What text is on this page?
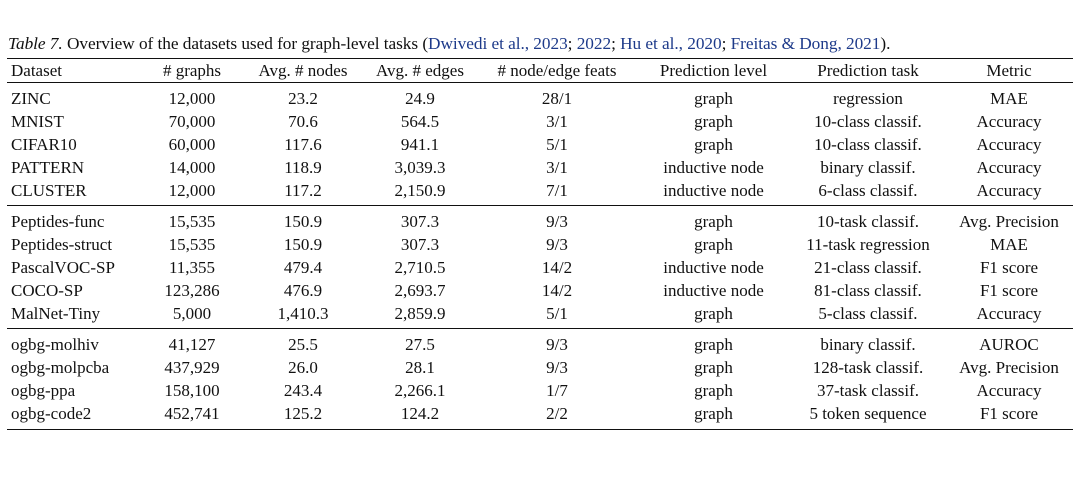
Table 7. Overview of the datasets used for graph-level tasks (Dwivedi et al., 2023; 2022; Hu et al., 2020; Freitas & Dong, 2021).
Dataset	# graphs	Avg. # nodes	Avg. # edges	# node/edge feats	Prediction level	Prediction task	Metric
ZINC	12,000	23.2	24.9	28/1	graph	regression	MAE
MNIST	70,000	70.6	564.5	3/1	graph	10-class classif.	Accuracy
CIFAR10	60,000	117.6	941.1	5/1	graph	10-class classif.	Accuracy
PATTERN	14,000	118.9	3,039.3	3/1	inductive node	binary classif.	Accuracy
CLUSTER	12,000	117.2	2,150.9	7/1	inductive node	6-class classif.	Accuracy
Peptides-func	15,535	150.9	307.3	9/3	graph	10-task classif.	Avg. Precision
Peptides-struct	15,535	150.9	307.3	9/3	graph	11-task regression	MAE
PascalVOC-SP	11,355	479.4	2,710.5	14/2	inductive node	21-class classif.	F1 score
COCO-SP	123,286	476.9	2,693.7	14/2	inductive node	81-class classif.	F1 score
MalNet-Tiny	5,000	1,410.3	2,859.9	5/1	graph	5-class classif.	Accuracy
ogbg-molhiv	41,127	25.5	27.5	9/3	graph	binary classif.	AUROC
ogbg-molpcba	437,929	26.0	28.1	9/3	graph	128-task classif.	Avg. Precision
ogbg-ppa	158,100	243.4	2,266.1	1/7	graph	37-task classif.	Accuracy
ogbg-code2	452,741	125.2	124.2	2/2	graph	5 token sequence	F1 score
